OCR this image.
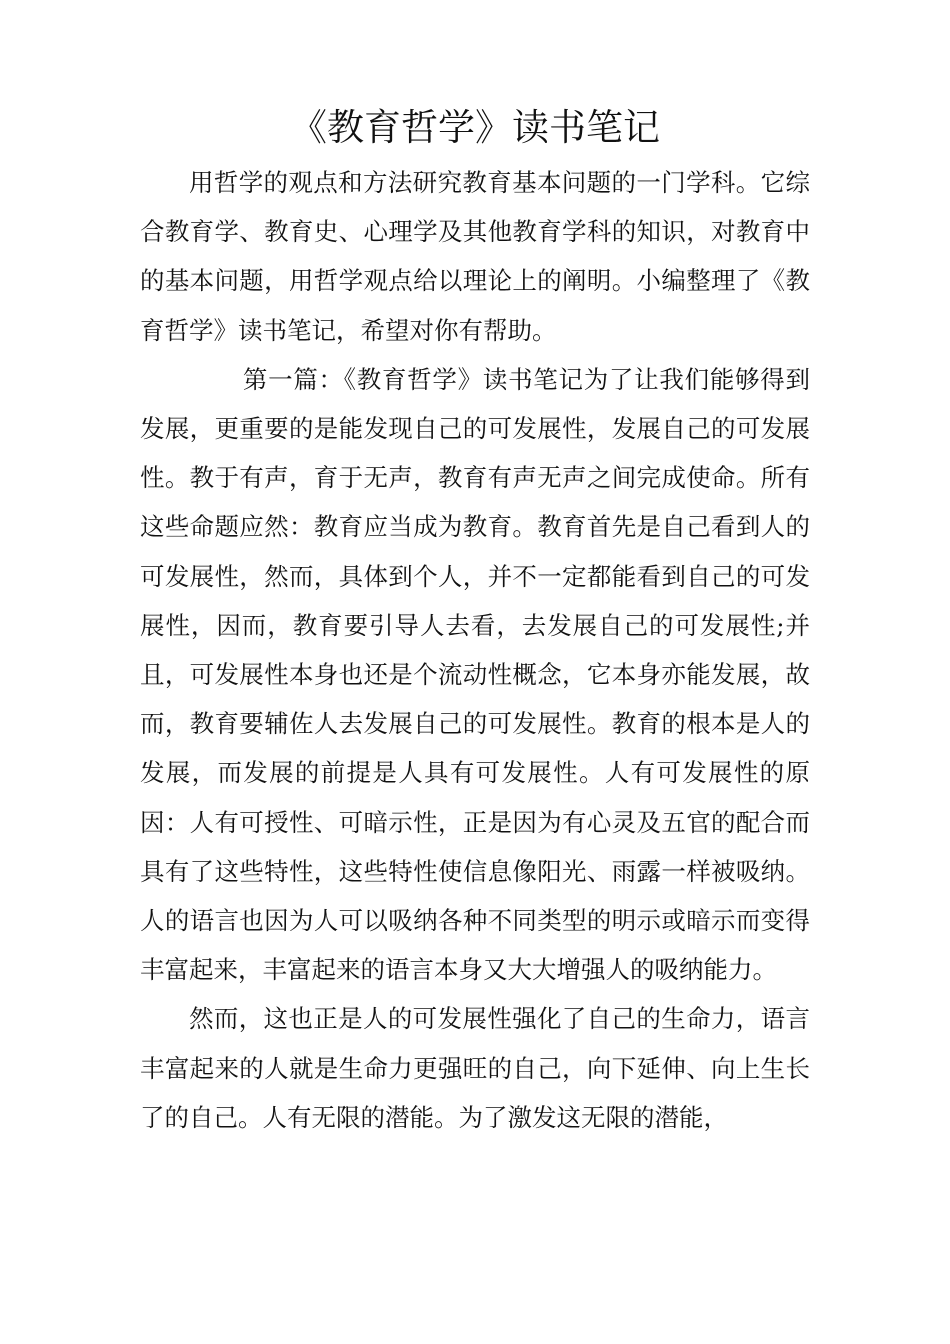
《教育哲学》读书笔记

用哲学的观点和方法研究教育基本问题的一门学科。它综合教育学、教育史、心理学及其他教育学科的知识，对教育中的基本问题，用哲学观点给以理论上的阐明。小编整理了《教育哲学》读书笔记，希望对你有帮助。

第一篇：《教育哲学》读书笔记为了让我们能够得到发展，更重要的是能发现自己的可发展性，发展自己的可发展性。教于有声，育于无声，教育有声无声之间完成使命。所有这些命题应然：教育应当成为教育。教育首先是自己看到人的可发展性，然而，具体到个人，并不一定都能看到自己的可发展性，因而，教育要引导人去看，去发展自己的可发展性;并且，可发展性本身也还是个流动性概念，它本身亦能发展，故而，教育要辅佐人去发展自己的可发展性。教育的根本是人的发展，而发展的前提是人具有可发展性。人有可发展性的原因：人有可授性、可暗示性，正是因为有心灵及五官的配合而具有了这些特性，这些特性使信息像阳光、雨露一样被吸纳。人的语言也因为人可以吸纳各种不同类型的明示或暗示而变得丰富起来，丰富起来的语言本身又大大增强人的吸纳能力。

然而，这也正是人的可发展性强化了自己的生命力，语言丰富起来的人就是生命力更强旺的自己，向下延伸、向上生长了的自己。人有无限的潜能。为了激发这无限的潜能，
